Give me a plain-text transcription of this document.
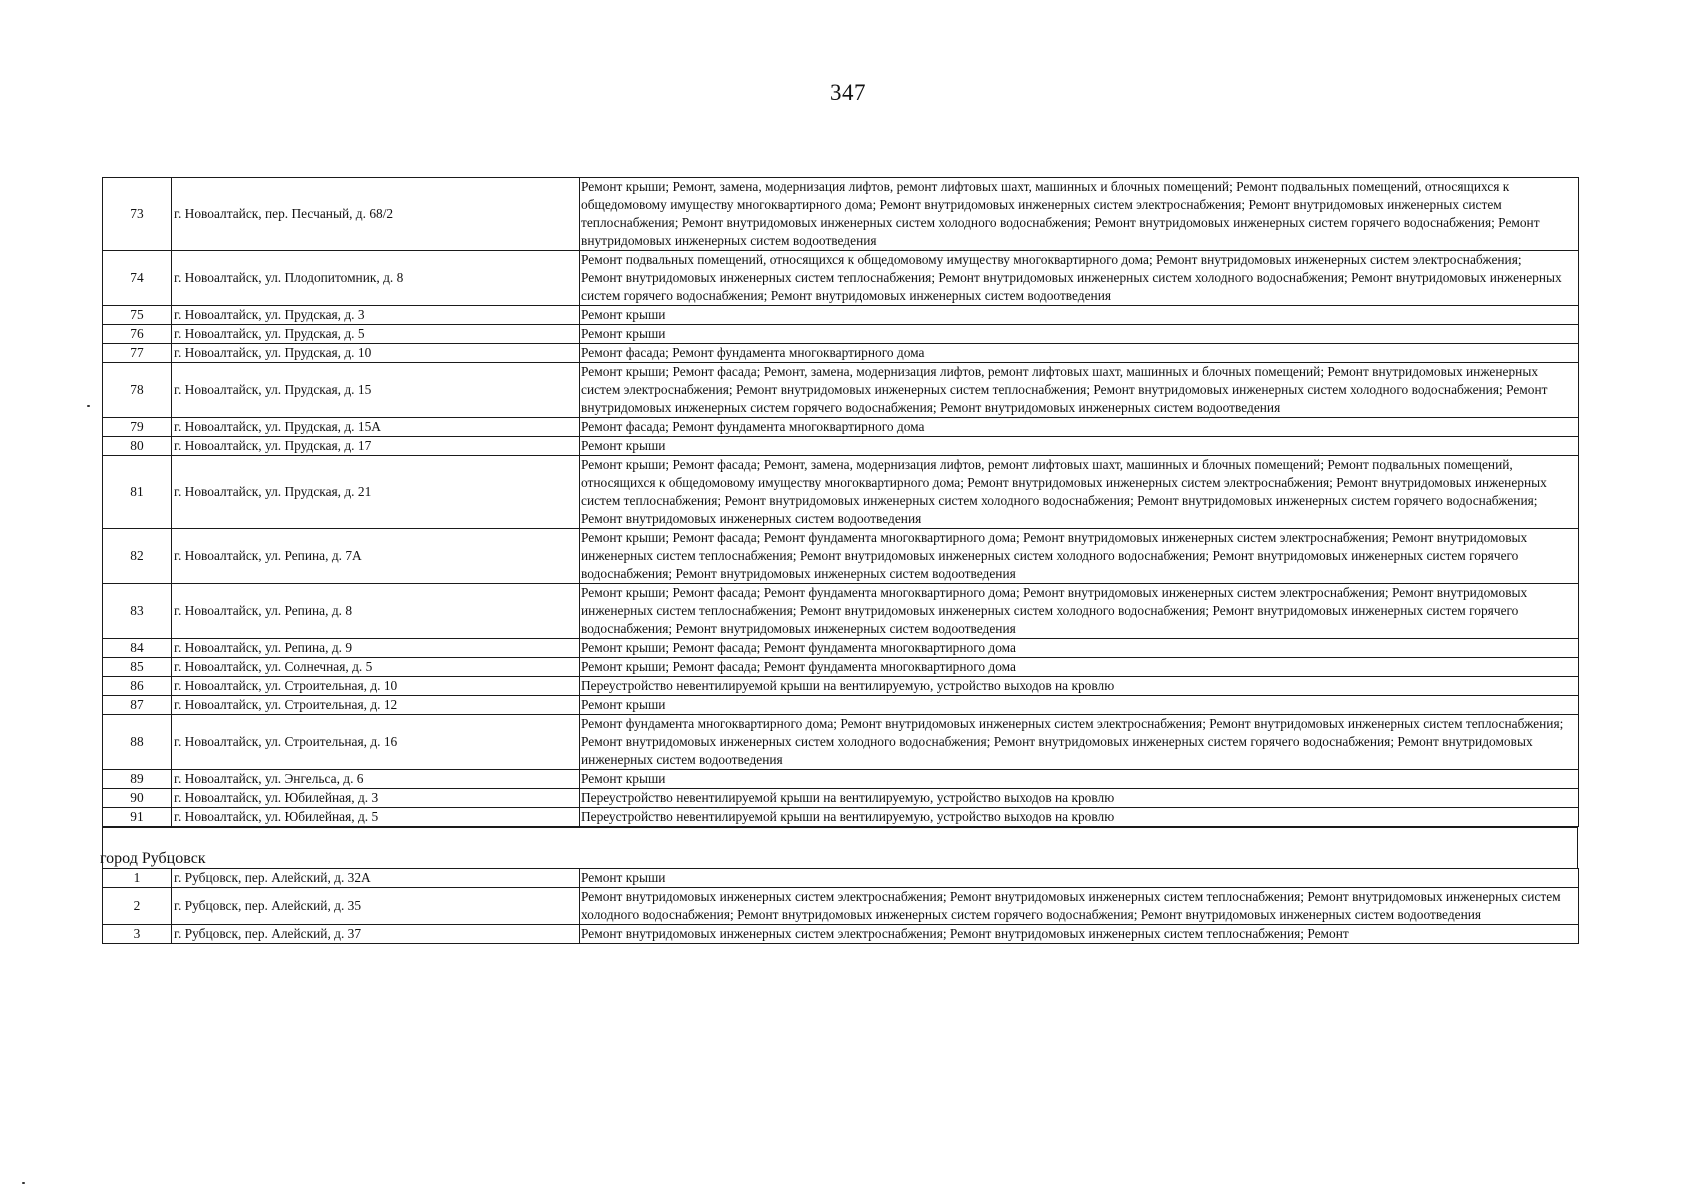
347
73	г. Новоалтайск, пер. Песчаный, д. 68/2	Ремонт крыши; Ремонт, замена, модернизация лифтов, ремонт лифтовых шахт, машинных и блочных помещений; Ремонт подвальных помещений, относящихся к общедомовому имуществу многоквартирного дома; Ремонт внутридомовых инженерных систем электроснабжения; Ремонт внутридомовых инженерных систем теплоснабжения; Ремонт внутридомовых инженерных систем холодного водоснабжения; Ремонт внутридомовых инженерных систем горячего водоснабжения; Ремонт внутридомовых инженерных систем водоотведения
74	г. Новоалтайск, ул. Плодопитомник, д. 8	Ремонт подвальных помещений, относящихся к общедомовому имуществу многоквартирного дома; Ремонт внутридомовых инженерных систем электроснабжения; Ремонт внутридомовых инженерных систем теплоснабжения; Ремонт внутридомовых инженерных систем холодного водоснабжения; Ремонт внутридомовых инженерных систем горячего водоснабжения; Ремонт внутридомовых инженерных систем водоотведения
75	г. Новоалтайск, ул. Прудская, д. 3	Ремонт крыши
76	г. Новоалтайск, ул. Прудская, д. 5	Ремонт крыши
77	г. Новоалтайск, ул. Прудская, д. 10	Ремонт фасада; Ремонт фундамента многоквартирного дома
78	г. Новоалтайск, ул. Прудская, д. 15	Ремонт крыши; Ремонт фасада; Ремонт, замена, модернизация лифтов, ремонт лифтовых шахт, машинных и блочных помещений; Ремонт внутридомовых инженерных систем электроснабжения; Ремонт внутридомовых инженерных систем теплоснабжения; Ремонт внутридомовых инженерных систем холодного водоснабжения; Ремонт внутридомовых инженерных систем горячего водоснабжения; Ремонт внутридомовых инженерных систем водоотведения
79	г. Новоалтайск, ул. Прудская, д. 15А	Ремонт фасада; Ремонт фундамента многоквартирного дома
80	г. Новоалтайск, ул. Прудская, д. 17	Ремонт крыши
81	г. Новоалтайск, ул. Прудская, д. 21	Ремонт крыши; Ремонт фасада; Ремонт, замена, модернизация лифтов, ремонт лифтовых шахт, машинных и блочных помещений; Ремонт подвальных помещений, относящихся к общедомовому имуществу многоквартирного дома; Ремонт внутридомовых инженерных систем электроснабжения; Ремонт внутридомовых инженерных систем теплоснабжения; Ремонт внутридомовых инженерных систем холодного водоснабжения; Ремонт внутридомовых инженерных систем горячего водоснабжения; Ремонт внутридомовых инженерных систем водоотведения
82	г. Новоалтайск, ул. Репина, д. 7А	Ремонт крыши; Ремонт фасада; Ремонт фундамента многоквартирного дома; Ремонт внутридомовых инженерных систем электроснабжения; Ремонт внутридомовых инженерных систем теплоснабжения; Ремонт внутридомовых инженерных систем холодного водоснабжения; Ремонт внутридомовых инженерных систем горячего водоснабжения; Ремонт внутридомовых инженерных систем водоотведения
83	г. Новоалтайск, ул. Репина, д. 8	Ремонт крыши; Ремонт фасада; Ремонт фундамента многоквартирного дома; Ремонт внутридомовых инженерных систем электроснабжения; Ремонт внутридомовых инженерных систем теплоснабжения; Ремонт внутридомовых инженерных систем холодного водоснабжения; Ремонт внутридомовых инженерных систем горячего водоснабжения; Ремонт внутридомовых инженерных систем водоотведения
84	г. Новоалтайск, ул. Репина, д. 9	Ремонт крыши; Ремонт фасада; Ремонт фундамента многоквартирного дома
85	г. Новоалтайск, ул. Солнечная, д. 5	Ремонт крыши; Ремонт фасада; Ремонт фундамента многоквартирного дома
86	г. Новоалтайск, ул. Строительная, д. 10	Переустройство невентилируемой крыши на вентилируемую, устройство выходов на кровлю
87	г. Новоалтайск, ул. Строительная, д. 12	Ремонт крыши
88	г. Новоалтайск, ул. Строительная, д. 16	Ремонт фундамента многоквартирного дома; Ремонт внутридомовых инженерных систем электроснабжения; Ремонт внутридомовых инженерных систем теплоснабжения; Ремонт внутридомовых инженерных систем холодного водоснабжения; Ремонт внутридомовых инженерных систем горячего водоснабжения; Ремонт внутридомовых инженерных систем водоотведения
89	г. Новоалтайск, ул. Энгельса, д. 6	Ремонт крыши
90	г. Новоалтайск, ул. Юбилейная, д. 3	Переустройство невентилируемой крыши на вентилируемую, устройство выходов на кровлю
91	г. Новоалтайск, ул. Юбилейная, д. 5	Переустройство невентилируемой крыши на вентилируемую, устройство выходов на кровлю
город Рубцовск
1	г. Рубцовск, пер. Алейский, д. 32А	Ремонт крыши
2	г. Рубцовск, пер. Алейский, д. 35	Ремонт внутридомовых инженерных систем электроснабжения; Ремонт внутридомовых инженерных систем теплоснабжения; Ремонт внутридомовых инженерных систем холодного водоснабжения; Ремонт внутридомовых инженерных систем горячего водоснабжения; Ремонт внутридомовых инженерных систем водоотведения
3	г. Рубцовск, пер. Алейский, д. 37	Ремонт внутридомовых инженерных систем электроснабжения; Ремонт внутридомовых инженерных систем теплоснабжения; Ремонт
